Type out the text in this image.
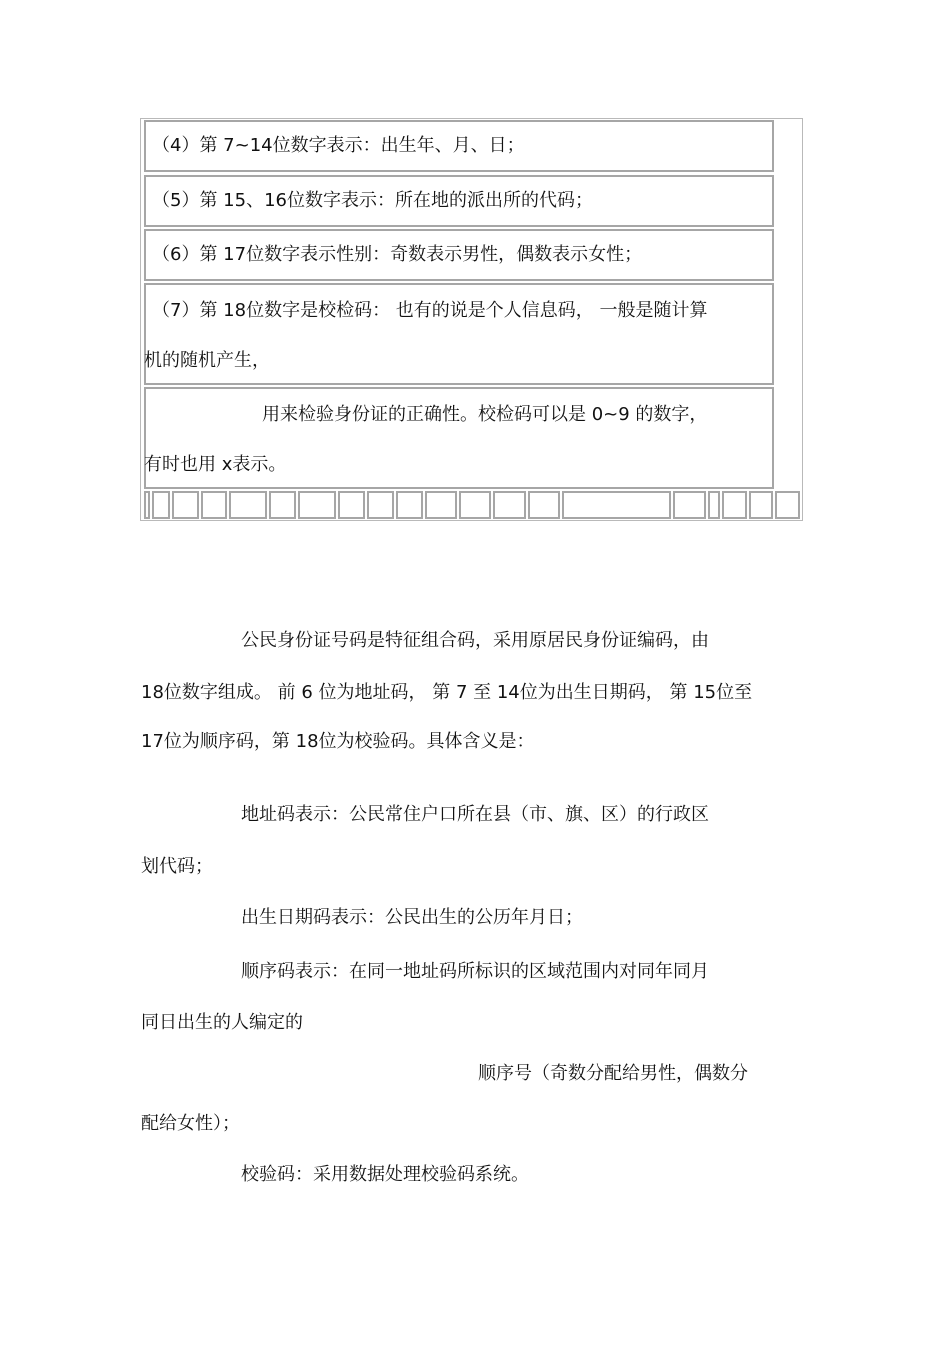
（4）第 7~14位数字表示：出生年、月、日；
（5）第 15、16位数字表示：所在地的派出所的代码；
（6）第 17位数字表示性别：奇数表示男性，偶数表示女性；
（7）第 18位数字是校检码： 也有的说是个人信息码， 一般是随计算
机的随机产生，
用来检验身份证的正确性。校检码可以是 0~9 的数字，
有时也用 x表示。
公民身份证号码是特征组合码，采用原居民身份证编码，由
18位数字组成。 前 6 位为地址码， 第 7 至 14位为出生日期码， 第 15位至
17位为顺序码，第 18位为校验码。具体含义是：
地址码表示：公民常住户口所在县（市、旗、区）的行政区
划代码；
出生日期码表示：公民出生的公历年月日；
顺序码表示：在同一地址码所标识的区域范围内对同年同月
同日出生的人编定的
顺序号（奇数分配给男性，偶数分
配给女性）；
校验码：采用数据处理校验码系统。
